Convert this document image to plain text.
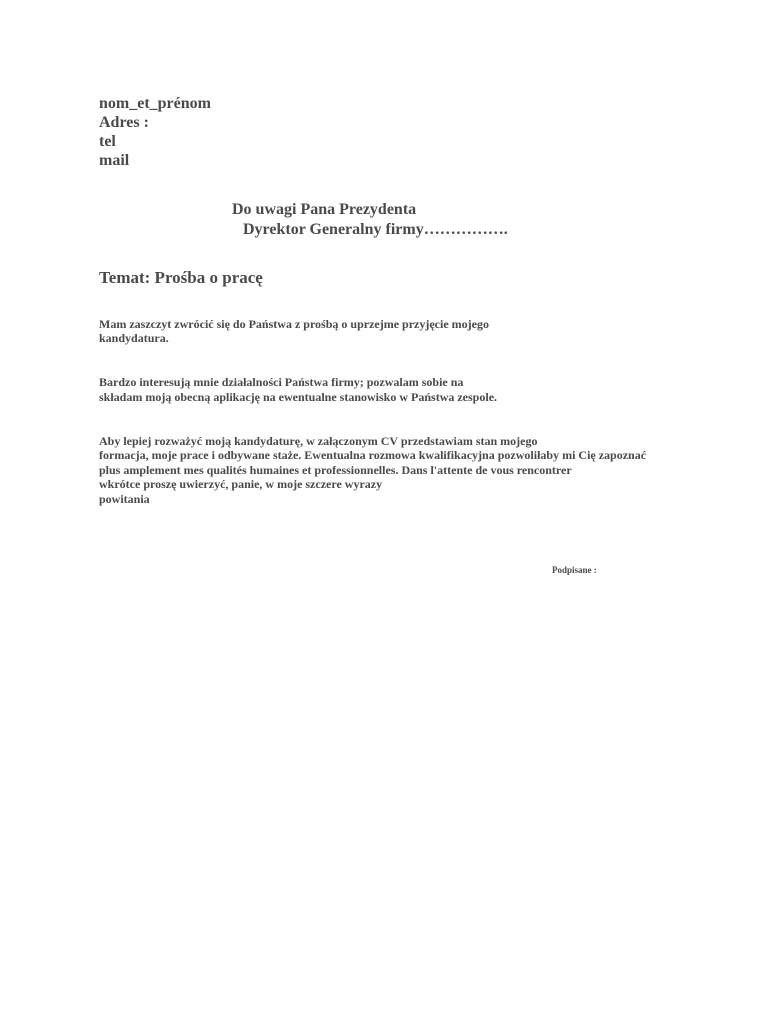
nom_et_prénom
Adres :
tel
mail
Do uwagi Pana Prezydenta
Dyrektor Generalny firmy…………….
Temat: Prośba o pracę
Mam zaszczyt zwrócić się do Państwa z prośbą o uprzejme przyjęcie mojego
kandydatura.
Bardzo interesują mnie działalności Państwa firmy; pozwalam sobie na
składam moją obecną aplikację na ewentualne stanowisko w Państwa zespole.
Aby lepiej rozważyć moją kandydaturę, w załączonym CV przedstawiam stan mojego
formacja, moje prace i odbywane staże. Ewentualna rozmowa kwalifikacyjna pozwoliłaby mi Cię zapoznać
plus amplement mes qualités humaines et professionnelles. Dans l'attente de vous rencontrer
wkrótce proszę uwierzyć, panie, w moje szczere wyrazy
powitania
Podpisane :
